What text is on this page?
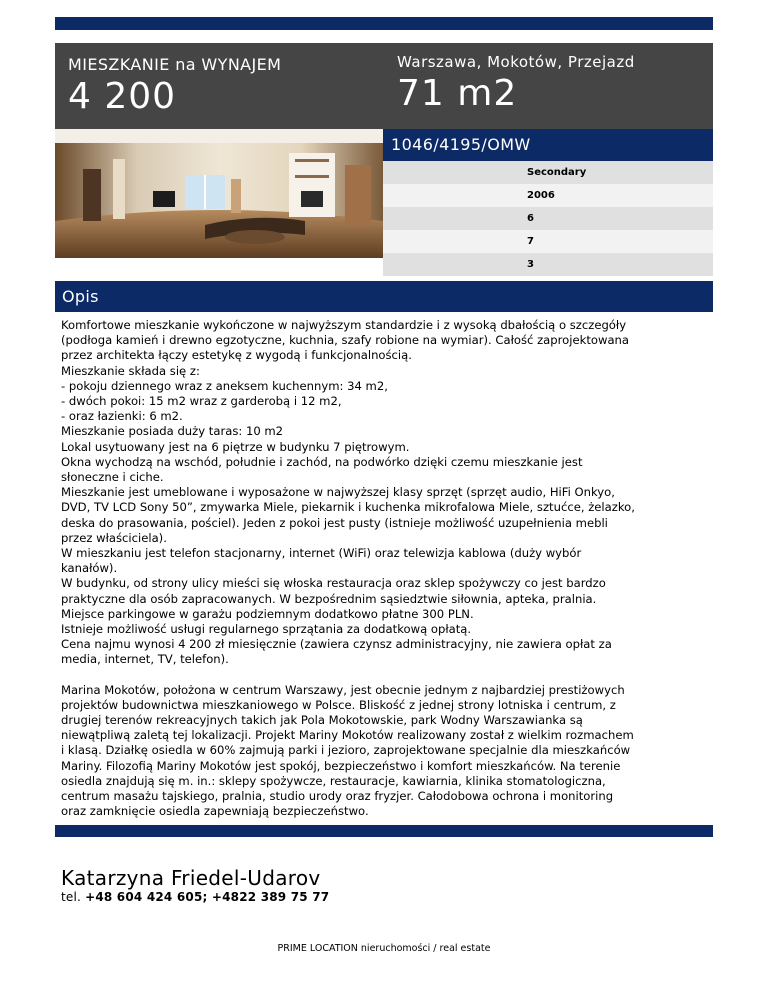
MIESZKANIE na WYNAJEM
4 200
Warszawa, Mokotów, Przejazd
71 m2
1046/4195/OMW
Secondary
2006
6
7
3
Opis

Komfortowe mieszkanie wykończone w najwyższym standardzie i z wysoką dbałością o szczegóły
(podłoga kamień i drewno egzotyczne, kuchnia, szafy robione na wymiar). Całość zaprojektowana
przez architekta łączy estetykę z wygodą i funkcjonalnością.
Mieszkanie składa się z:
- pokoju dziennego wraz z aneksem kuchennym: 34 m2,
- dwóch pokoi: 15 m2 wraz z garderobą i 12 m2,
- oraz łazienki: 6 m2.
Mieszkanie posiada duży taras: 10 m2
Lokal usytuowany jest na 6 piętrze w budynku 7 piętrowym.
Okna wychodzą na wschód, południe i zachód, na podwórko dzięki czemu mieszkanie jest
słoneczne i ciche.
Mieszkanie jest umeblowane i wyposażone w najwyższej klasy sprzęt (sprzęt audio, HiFi Onkyo,
DVD, TV LCD Sony 50”, zmywarka Miele, piekarnik i kuchenka mikrofalowa Miele, sztućce, żelazko,
deska do prasowania, pościel). Jeden z pokoi jest pusty (istnieje możliwość uzupełnienia mebli
przez właściciela).
W mieszkaniu jest telefon stacjonarny, internet (WiFi) oraz telewizja kablowa (duży wybór
kanałów).
W budynku, od strony ulicy mieści się włoska restauracja oraz sklep spożywczy co jest bardzo
praktyczne dla osób zapracowanych. W bezpośrednim sąsiedztwie siłownia, apteka, pralnia.
Miejsce parkingowe w garażu podziemnym dodatkowo płatne 300 PLN.
Istnieje możliwość usługi regularnego sprzątania za dodatkową opłatą.
Cena najmu wynosi 4 200 zł miesięcznie (zawiera czynsz administracyjny, nie zawiera opłat za
media, internet, TV, telefon).

Marina Mokotów, położona w centrum Warszawy, jest obecnie jednym z najbardziej prestiżowych
projektów budownictwa mieszkaniowego w Polsce. Bliskość z jednej strony lotniska i centrum, z
drugiej terenów rekreacyjnych takich jak Pola Mokotowskie, park Wodny Warszawianka są
niewątpliwą zaletą tej lokalizacji. Projekt Mariny Mokotów realizowany został z wielkim rozmachem
i klasą. Działkę osiedla w 60% zajmują parki i jezioro, zaprojektowane specjalnie dla mieszkańców
Mariny. Filozofią Mariny Mokotów jest spokój, bezpieczeństwo i komfort mieszkańców. Na terenie
osiedla znajdują się m. in.: sklepy spożywcze, restauracje, kawiarnia, klinika stomatologiczna,
centrum masażu tajskiego, pralnia, studio urody oraz fryzjer. Całodobowa ochrona i monitoring
oraz zamknięcie osiedla zapewniają bezpieczeństwo.

Katarzyna Friedel-Udarov
tel. +48 604 424 605; +4822 389 75 77
PRIME LOCATION nieruchomości / real estate
